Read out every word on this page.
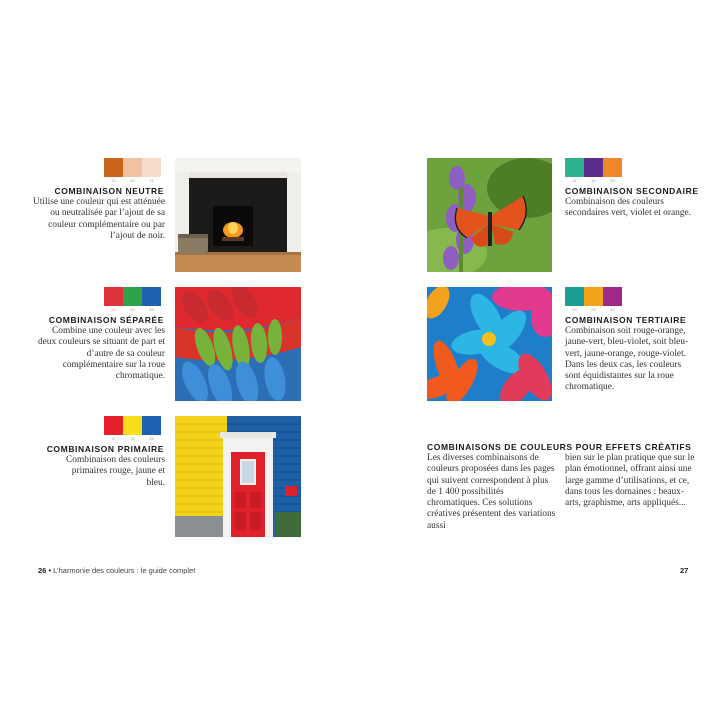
19	20	21
COMBINAISON NEUTRE
Utilise une couleur qui est atténuée ou neutralisée par l’ajout de sa couleur complémentaire ou par l’ajout de noir.
22	12	23
COMBINAISON SÉPARÉE
Combine une couleur avec les deux couleurs se situant de part et d’autre de sa couleur complémentaire sur la roue chromatique.
8	16	24
COMBINAISON PRIMAIRE
Combinaison des couleurs primaires rouge, jaune et bleu.
26 • L’harmonie des couleurs : le guide complet
11	10	25
COMBINAISON SECONDAIRE
Combinaison des couleurs secondaires vert, violet et orange.
10	24	42
COMBINAISON TERTIAIRE
Combinaison soit rouge-orange, jaune-vert, bleu-violet, soit bleu-vert, jaune-orange, rouge-violet. Dans les deux cas, les couleurs sont équidistantes sur la roue chromatique.
COMBINAISONS DE COULEURS POUR EFFETS CRÉATIFS
Les diverses combinaisons de couleurs proposées dans les pages qui suivent correspondent à plus de 1 400 possibilités chromatiques. Ces solutions créatives présentent des variations aussi
bien sur le plan pratique que sur le plan émotionnel, offrant ainsi une large gamme d’utilisations, et ce, dans tous les domaines : beaux-arts, graphisme, arts appliqués...
27
